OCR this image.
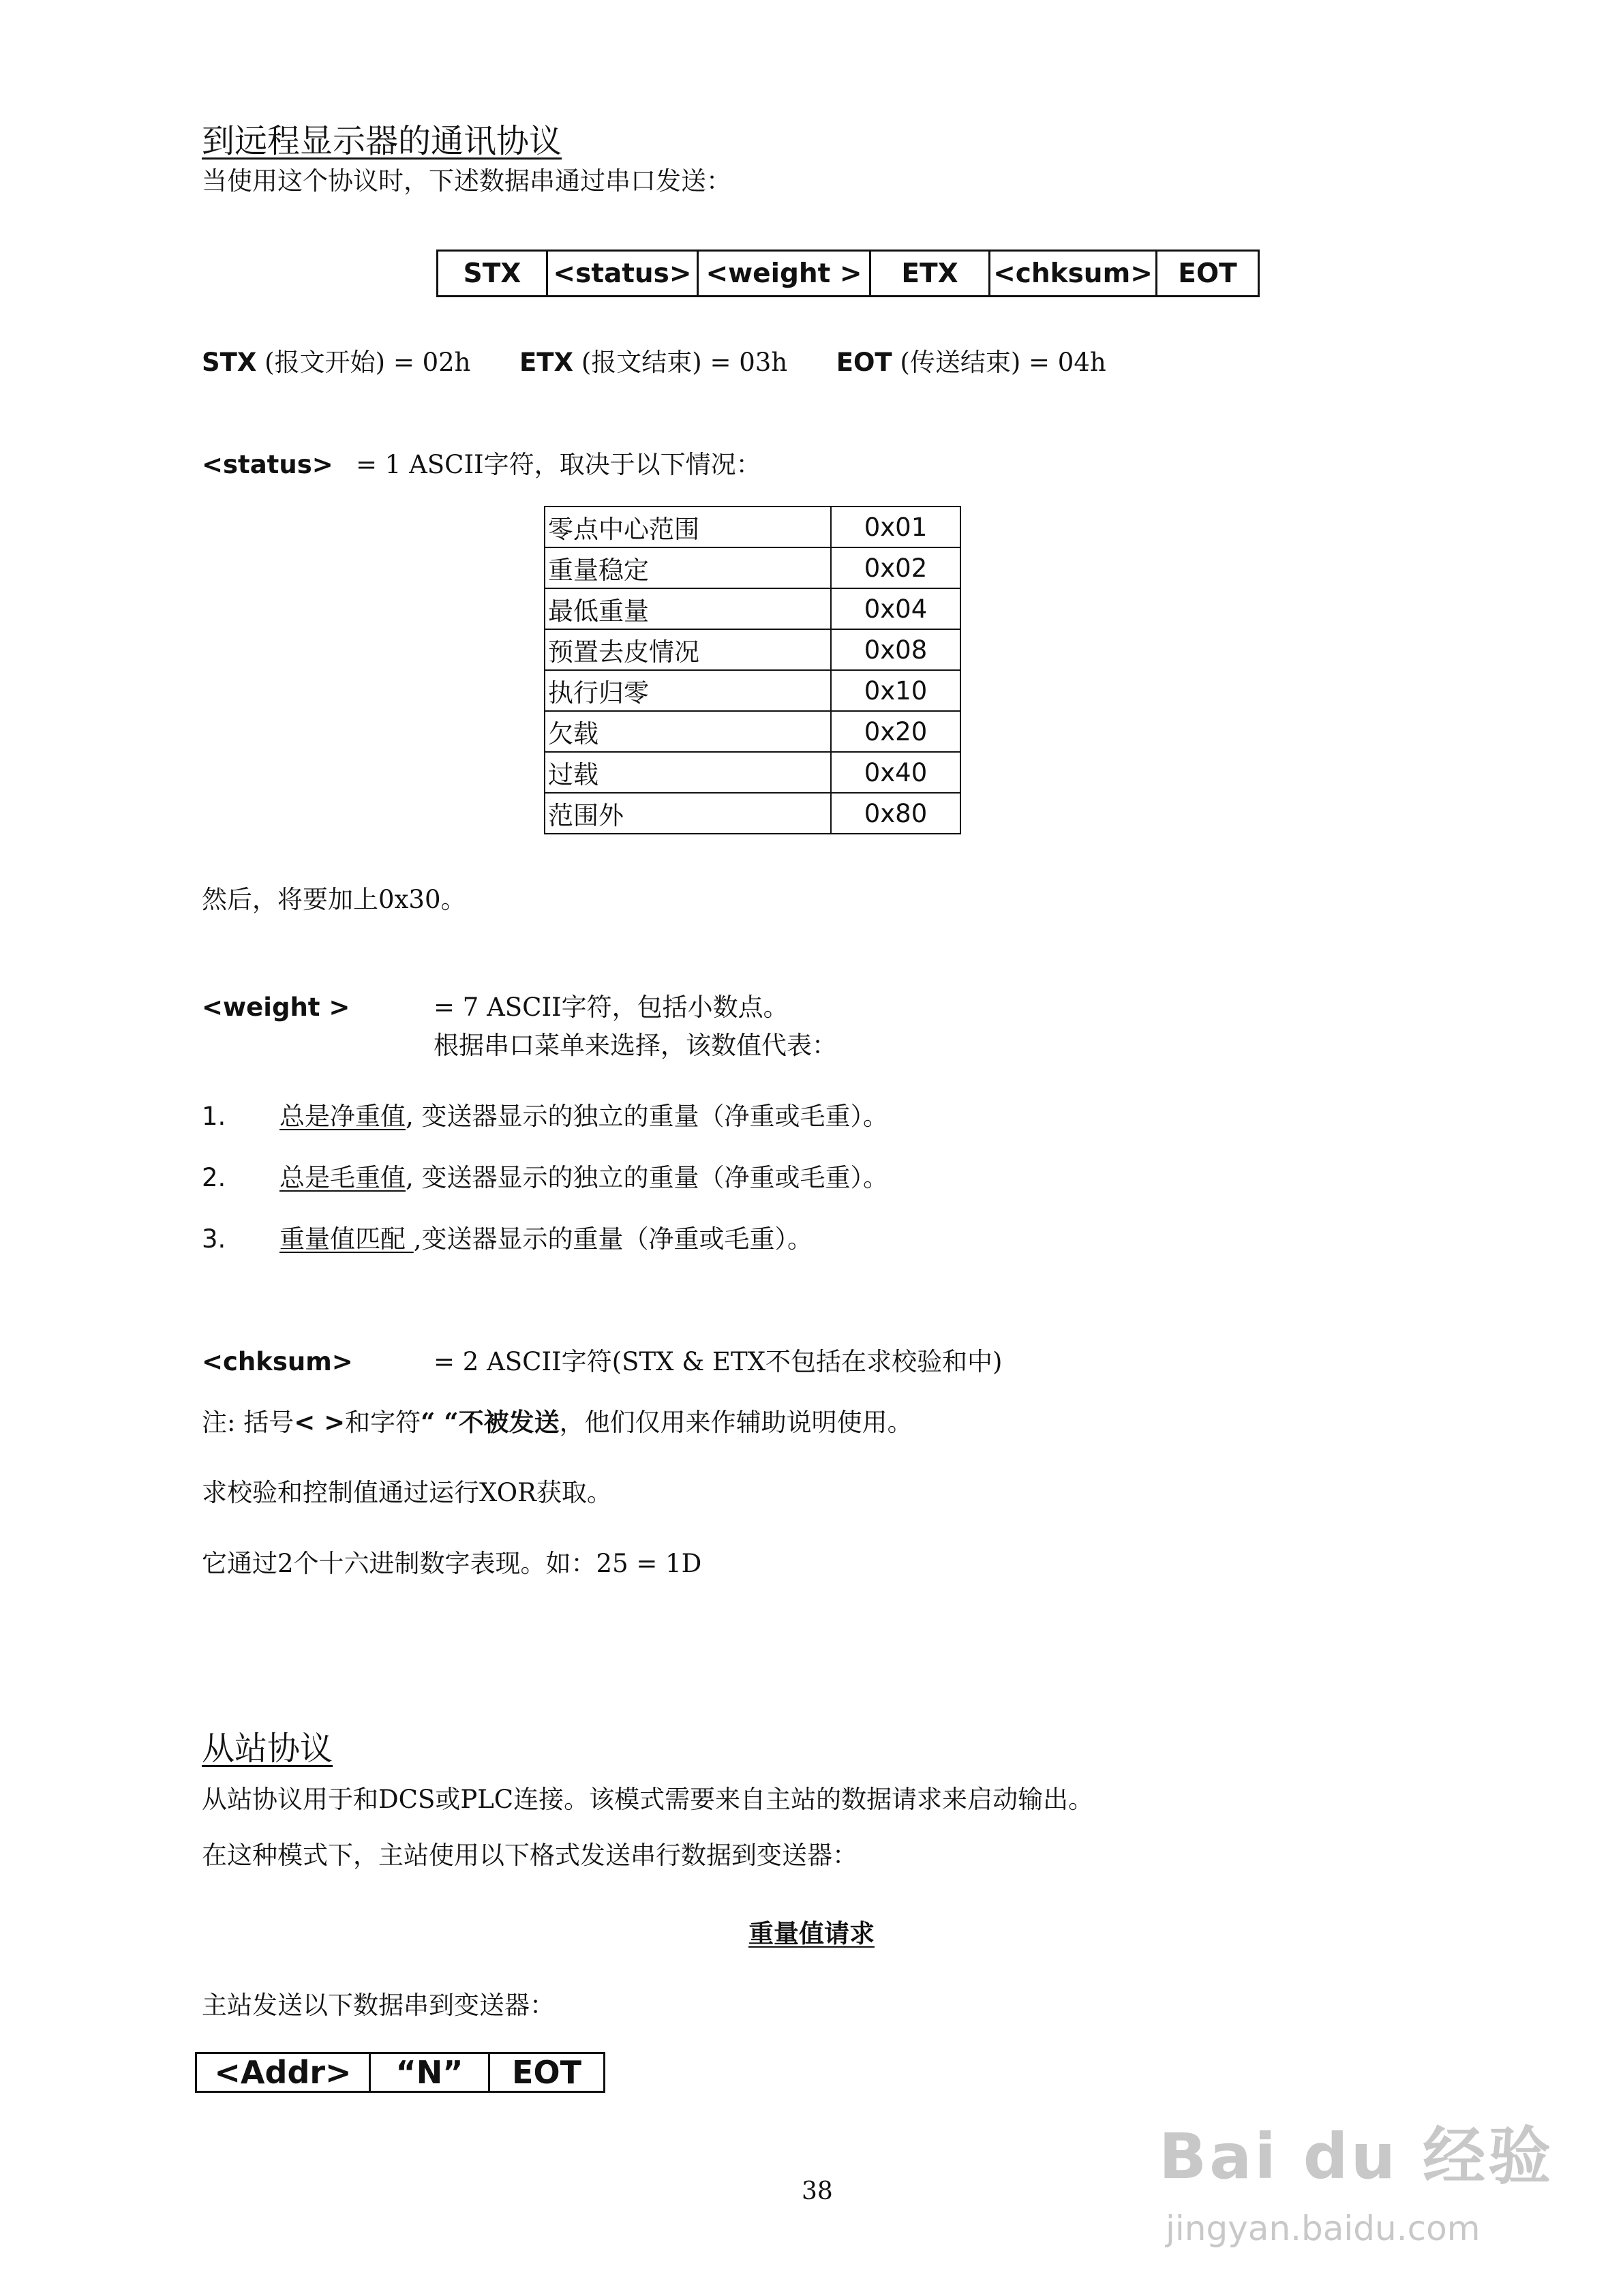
到远程显示器的通讯协议
当使用这个协议时，下述数据串通过串口发送：
STX	<status>	<weight >	ETX	<chksum>	EOT
STX (报文开始) = 02h ETX (报文结束) = 03h EOT (传送结束) = 04h
<status> = 1 ASCII字符，取决于以下情况：
零点中心范围	0x01
重量稳定	0x02
最低重量	0x04
预置去皮情况	0x08
执行归零	0x10
欠载	0x20
过载	0x40
范围外	0x80
然后，将要加上0x30。
<weight >	= 7 ASCII字符，包括小数点。
根据串口菜单来选择，该数值代表：
1. 总是净重值, 变送器显示的独立的重量（净重或毛重）。
2. 总是毛重值, 变送器显示的独立的重量（净重或毛重）。
3. 重量值匹配 ,变送器显示的重量（净重或毛重）。
<chksum>	= 2 ASCII字符(STX & ETX不包括在求校验和中)
注: 括号< >和字符“ “不被发送，他们仅用来作辅助说明使用。
求校验和控制值通过运行XOR获取。
它通过2个十六进制数字表现。如：25 = 1D
从站协议
从站协议用于和DCS或PLC连接。该模式需要来自主站的数据请求来启动输出。
在这种模式下，主站使用以下格式发送串行数据到变送器：
重量值请求
主站发送以下数据串到变送器：
<Addr>	“N”	EOT
38	Bai du 经验
jingyan.baidu.com
